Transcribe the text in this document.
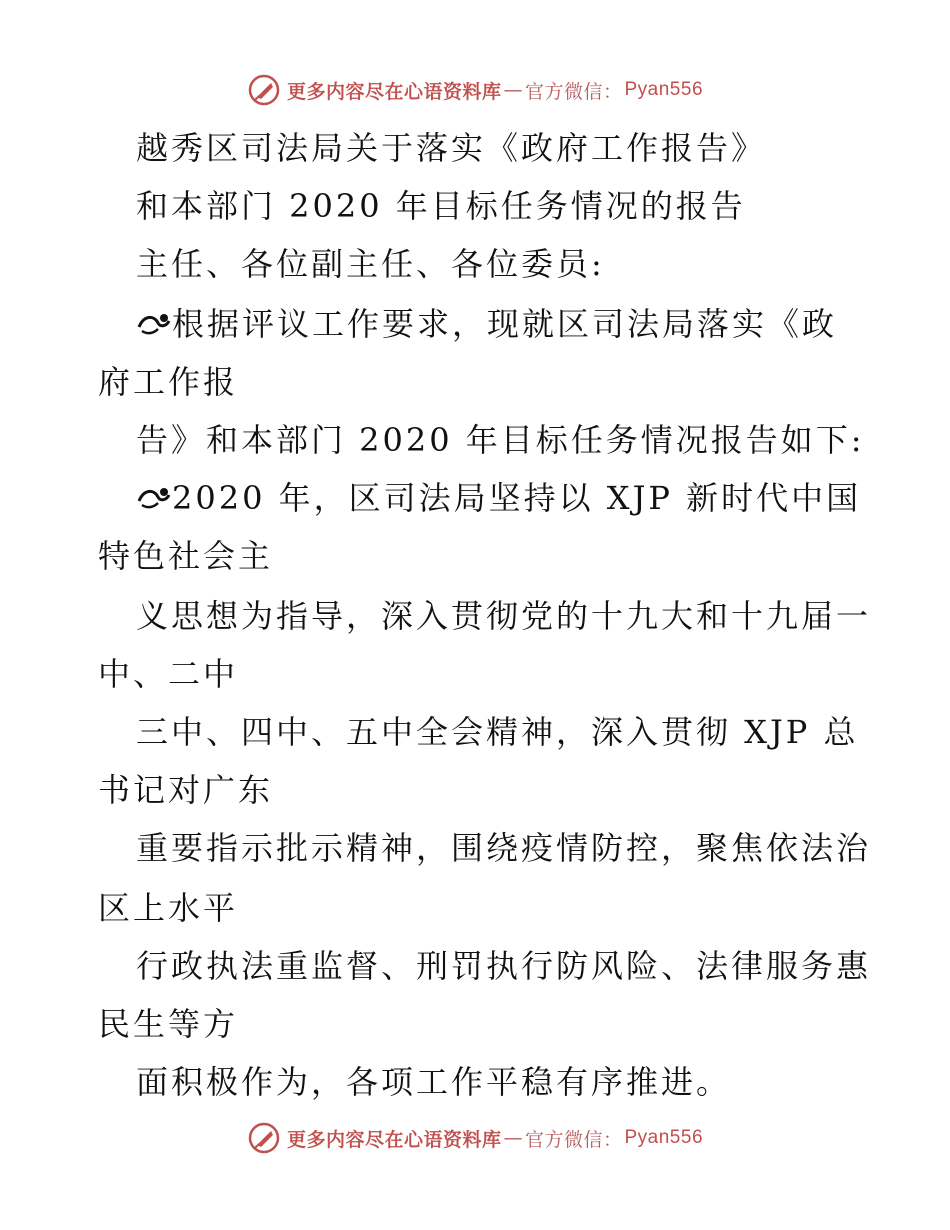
更多内容尽在心语资料库 — 官方微信： Pyan556
越秀区司法局关于落实《政府工作报告》
和本部门 2020 年目标任务情况的报告
主任、各位副主任、各位委员:
根据评议工作要求，现就区司法局落实《政
府工作报
告》和本部门 2020 年目标任务情况报告如下:
2020 年，区司法局坚持以 XJP 新时代中国
特色社会主
义思想为指导，深入贯彻党的十九大和十九届一
中、二中
三中、四中、五中全会精神，深入贯彻 XJP 总
书记对广东
重要指示批示精神，围绕疫情防控，聚焦依法治
区上水平
行政执法重监督、刑罚执行防风险、法律服务惠
民生等方
面积极作为，各项工作平稳有序推进。
更多内容尽在心语资料库 — 官方微信： Pyan556
